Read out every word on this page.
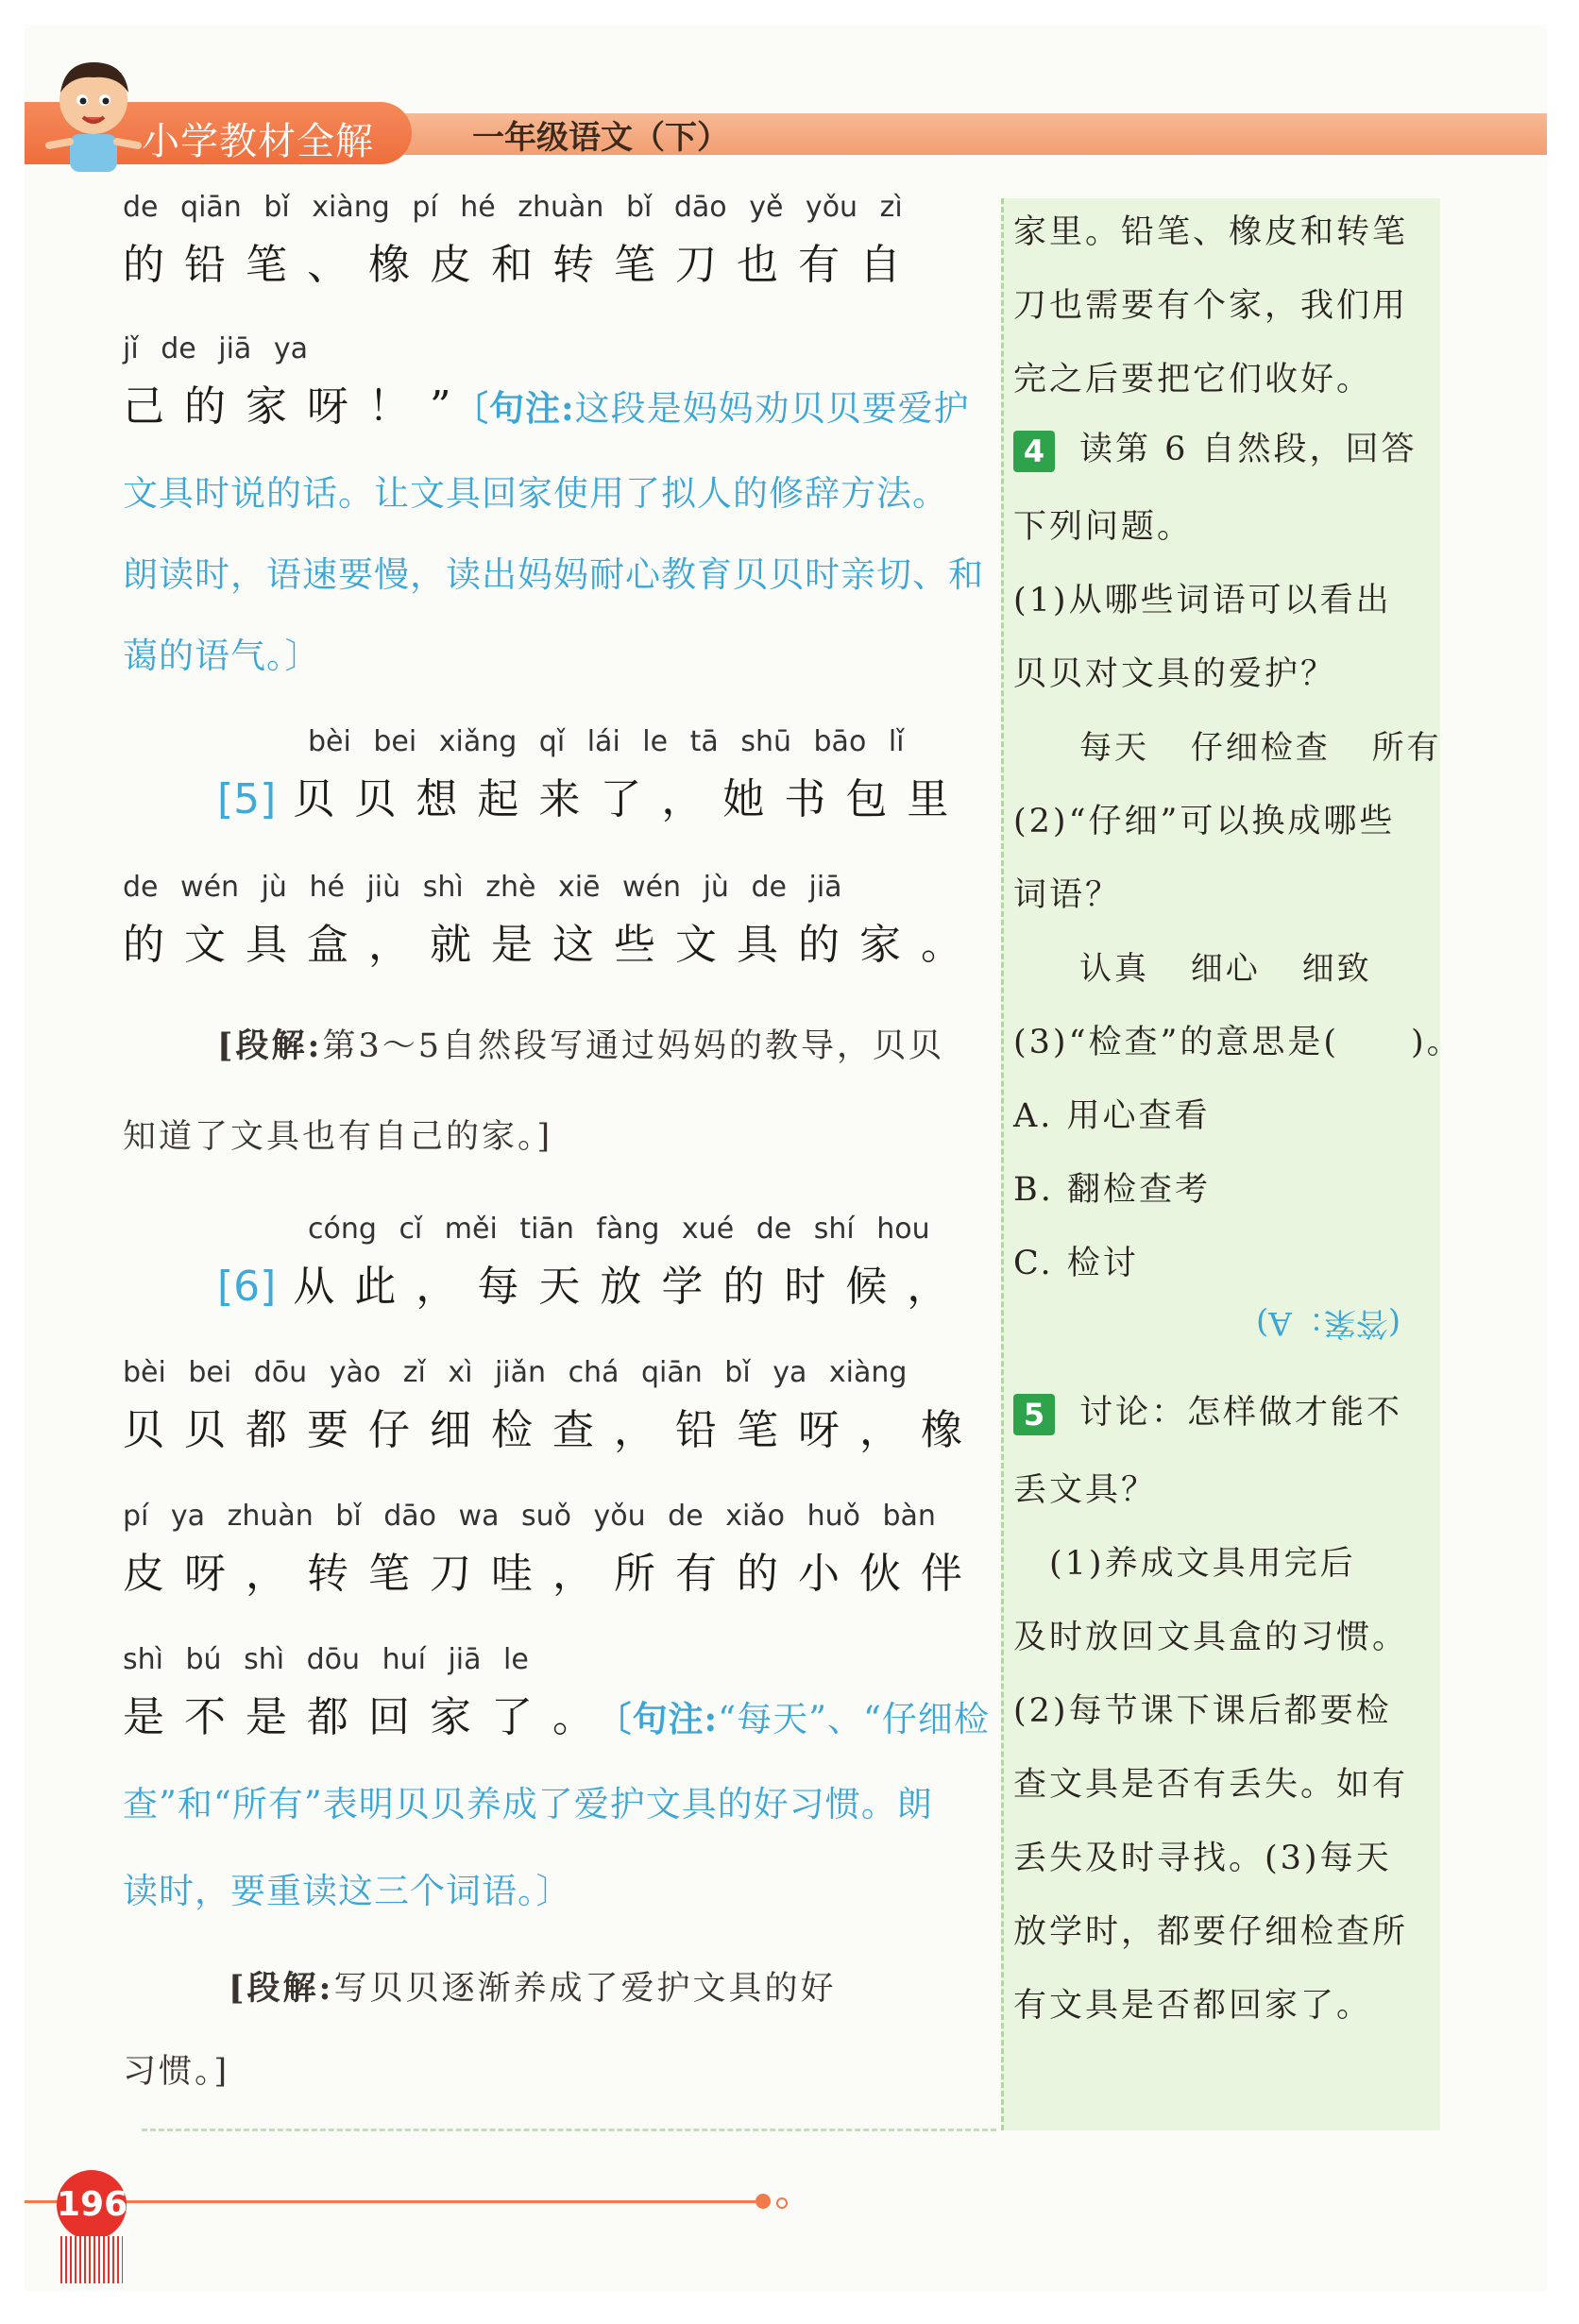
小学教材全解	一年级语文（下）
de qiān bǐ xiàng pí hé zhuàn bǐ dāo yě yǒu zì
的铅笔、橡皮和转笔刀也有自
jǐ de jiā ya
己的家呀！”〔句注:这段是妈妈劝贝贝要爱护
文具时说的话。让文具回家使用了拟人的修辞方法。
朗读时，语速要慢，读出妈妈耐心教育贝贝时亲切、和
蔼的语气。〕
bèi bei xiǎng qǐ lái le tā shū bāo lǐ
[5] 贝贝想起来了，她书包里
de wén jù hé jiù shì zhè xiē wén jù de jiā
的文具盒，就是这些文具的家。
[段解:第3～5自然段写通过妈妈的教导，贝贝
知道了文具也有自己的家。]
cóng cǐ měi tiān fàng xué de shí hou
[6] 从此，每天放学的时候，
bèi bei dōu yào zǐ xì jiǎn chá qiān bǐ ya xiàng
贝贝都要仔细检查，铅笔呀，橡
pí ya zhuàn bǐ dāo wa suǒ yǒu de xiǎo huǒ bàn
皮呀，转笔刀哇，所有的小伙伴
shì bú shì dōu huí jiā le
是不是都回家了。〔句注:“每天”、“仔细检
查”和“所有”表明贝贝养成了爱护文具的好习惯。朗
读时，要重读这三个词语。〕
[段解:写贝贝逐渐养成了爱护文具的好
习惯。]
家里。铅笔、橡皮和转笔
刀也需要有个家，我们用
完之后要把它们收好。
4 读第 6 自然段，回答
下列问题。
(1)从哪些词语可以看出
贝贝对文具的爱护？
每天 仔细检查 所有
(2)“仔细”可以换成哪些
词语？
认真 细心 细致
(3)“检查”的意思是(　　)。
A. 用心查看
B. 翻检查考
C. 检讨
5 讨论：怎样做才能不
丢文具？
　(1)养成文具用完后
及时放回文具盒的习惯。
(2)每节课下课后都要检
查文具是否有丢失。如有
丢失及时寻找。(3)每天
放学时，都要仔细检查所
有文具是否都回家了。
(答案：A)
196
